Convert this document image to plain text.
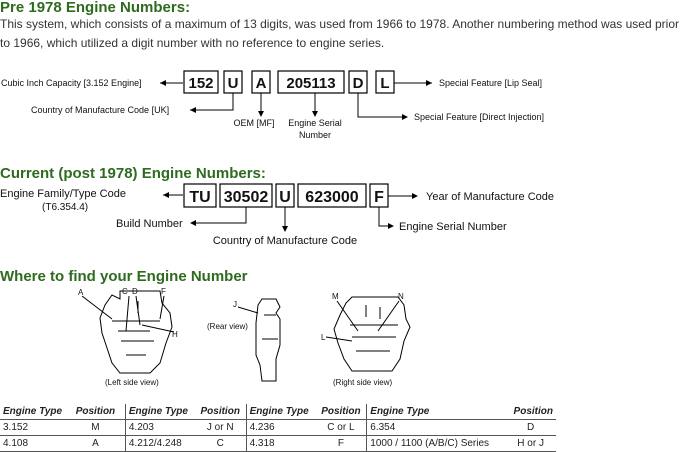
Pre 1978 Engine Numbers:

This system, which consists of a maximum of 13 digits, was used from 1966 to 1978. Another numbering method was used prior to 1966, which utilized a digit number with no reference to engine series.

Cubic Inch Capacity [3.152 Engine]	152 U A 205113 D L	Special Feature [Lip Seal]
Country of Manufacture Code [UK]
OEM [MF] Engine Serial
Number
Special Feature [Direct Injection]
Current (post 1978) Engine Numbers:
Engine Family/Type Code
(T6.354.4)
TU 30502 U 623000 F	Year of Manufacture Code
Build Number
Country of Manufacture Code
Engine Serial Number
Where to find your Engine Number
A	C D	F
H
J
M	N
L
(Left side view)
(Rear view)
(Right side view)
Engine Type	Position	Engine Type	Position	Engine Type	Position	Engine Type	Position
3.152	M	4.203	J or N	4.236	C or L	6.354	D
4.108	A	4.212/4.248	C	4.318	F	1000 / 1100 (A/B/C) Series	H or J
